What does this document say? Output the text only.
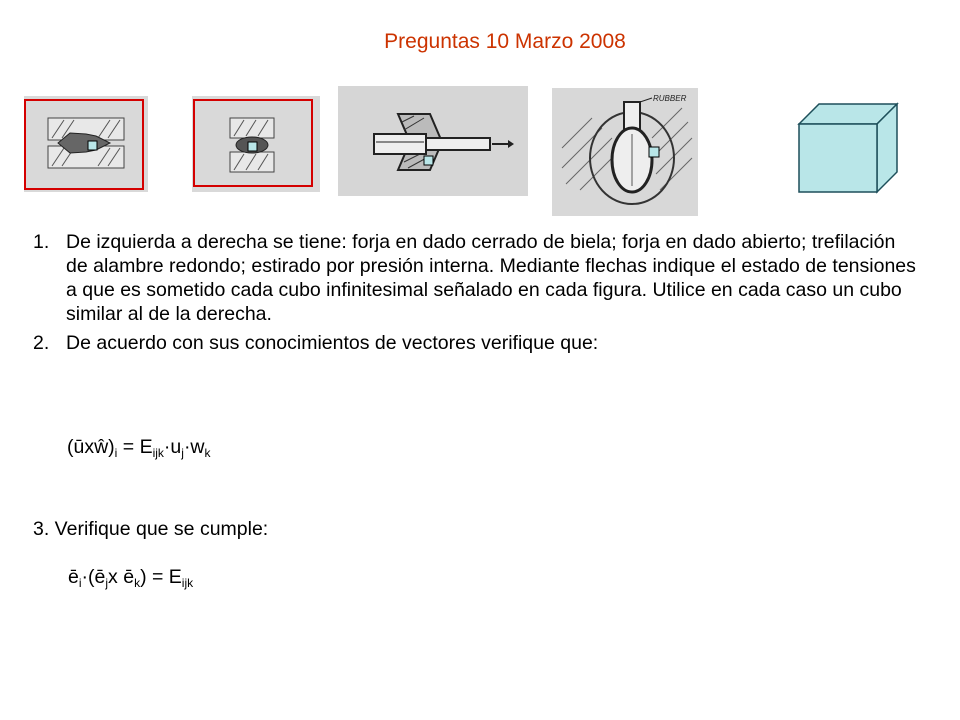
Preguntas 10 Marzo 2008
RUBBER
1. De izquierda a derecha se tiene: forja en dado cerrado de biela; forja en dado abierto; trefilación de alambre redondo; estirado por presión interna. Mediante flechas indique el estado de tensiones a que es sometido cada cubo infinitesimal señalado en cada figura. Utilice en cada caso un cubo similar al de la derecha.
2. De acuerdo con sus conocimientos de vectores verifique que:
$(ūxŵ)_i = E_{ijk}\cdot u_j\cdot w_k$
3. Verifique que se cumple:
$ē_i\cdot(ē_jx$ $ē_k) = E_{ijk}$
